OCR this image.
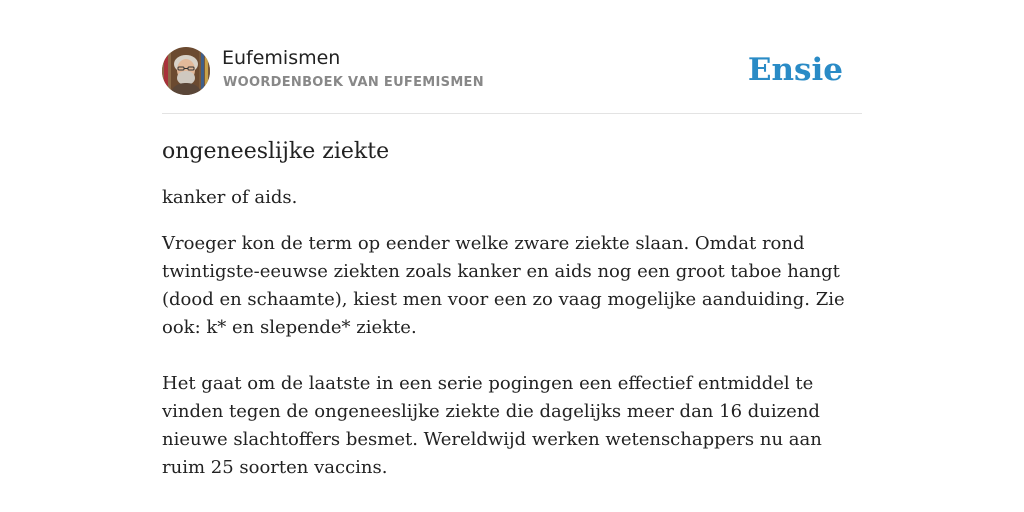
Eufemismen
WOORDENBOEK VAN EUFEMISMEN	Ensie
ongeneeslijke ziekte

kanker of aids.

Vroeger kon de term op eender welke zware ziekte slaan. Omdat rond twintigste-eeuwse ziekten zoals kanker en aids nog een groot taboe hangt (dood en schaamte), kiest men voor een zo vaag mogelijke aanduiding. Zie ook: k* en slepende* ziekte.

Het gaat om de laatste in een serie pogingen een effectief entmiddel te vinden tegen de ongeneeslijke ziekte die dagelijks meer dan 16 duizend nieuwe slachtoffers besmet. Wereldwijd werken wetenschappers nu aan ruim 25 soorten vaccins.
